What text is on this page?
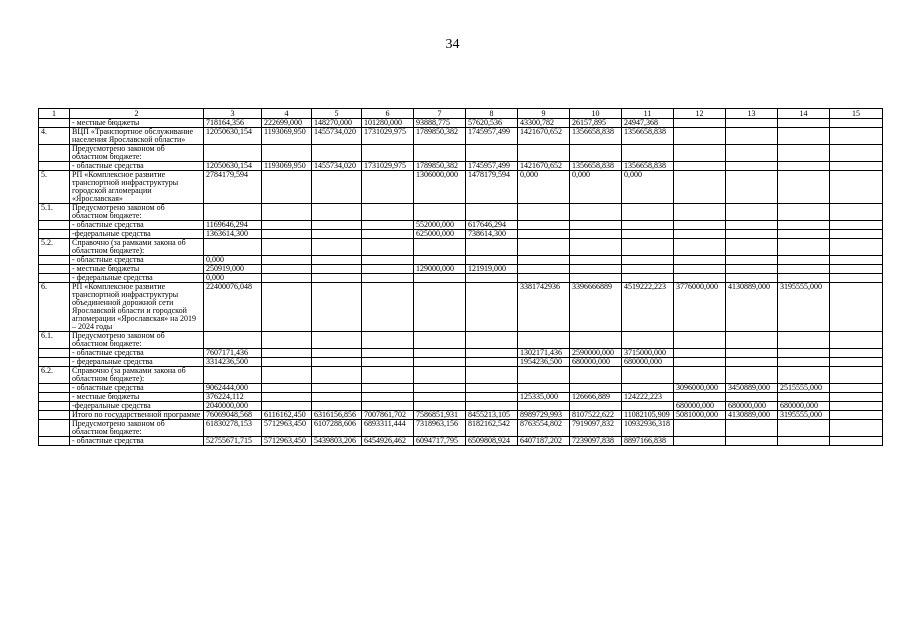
34
1	2	3	4	5	6	7	8	9	10	11	12	13	14	15
	- местные бюджеты	718164,356	222699,000	148270,000	101280,000	93888,775	57620,536	43300,782	26157,895	24947,368				
4.	ВЦП «Транспортное обслуживание населения Ярославской области»	12050630,154	1193069,950	1455734,020	1731029,975	1789850,382	1745957,499	1421670,652	1356658,838	1356658,838				
	Предусмотрено законом об областном бюджете:													
	- областные средства	12050630,154	1193069,950	1455734,020	1731029,975	1789850,382	1745957,499	1421670,652	1356658,838	1356658,838				
5.	РП «Комплексное развитие транспортной инфраструктуры городской агломерации «Ярославская»	2784179,594				1306000,000	1478179,594	0,000	0,000	0,000				
5.1.	Предусмотрено законом об областном бюджете:													
	- областные средства	1169646,294				552000,000	617646,294							
	-федеральные средства	1363614,300				625000,000	738614,300							
5.2.	Справочно (за рамками закона об областном бюджете):													
	- областные средства	0,000												
	- местные бюджеты	250919,000				129000,000	121919,000							
	- федеральные средства	0,000												
6.	РП «Комплексное развитие транспортной инфраструктуры объединенной дорожной сети Ярославской области и городской агломерации «Ярославская» на 2019 – 2024 годы	22400076,048						3381742936	3396666889	4519222,223	3776000,000	4130889,000	3195555,000	
6.1.	Предусмотрено законом об областном бюджете:													
	- областные средства	7607171,436						1302171,436	2590000,000	3715000,000				
	- федеральные средства	3314236,500						1954236,500	680000,000	680000,000				
6.2.	Справочно (за рамками закона об областном бюджете):													
	- областные средства	9062444,000									3096000,000	3450889,000	2515555,000	
	- местные бюджеты	376224,112						125335,000	126666,889	124222,223				
	-федеральные средства	2040000,000									680000,000	680000,000	680000,000	
	Итого по государственной программе	76069048,568	6116162,450	6316156,856	7007861,702	7586851,931	8455213,105	8989729,993	8107522,622	11082105,909	5081000,000	4130889,000	3195555,000	
	Предусмотрено законом об областном бюджете:	61830278,153	5712963,450	6107288,606	6893311,444	7318963,156	8182162,542	8763554,802	7919097,832	10932936,318				
	- областные средства	52755671,715	5712963,450	5439803,206	6454926,462	6094717,795	6509808,924	6407187,202	7239097,838	8897166,838				
